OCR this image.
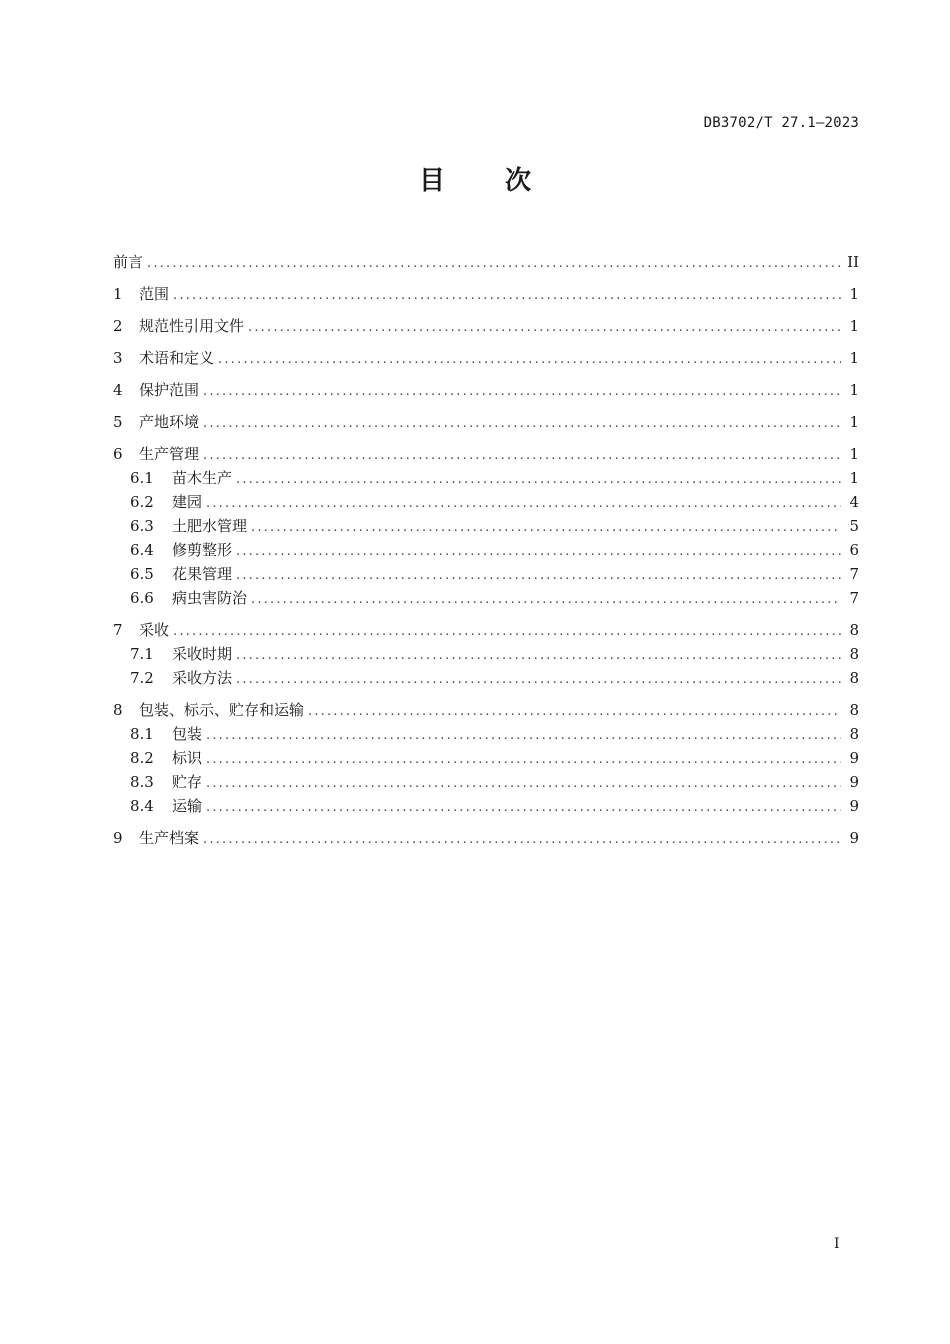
DB3702/T 27.1—2023
目 次
前言 .....	II
1	范围 .....	1
2	规范性引用文件 .....	1
3	术语和定义 .....	1
4	保护范围 .....	1
5	产地环境 .....	1
6	生产管理 .....	1
6.1	苗木生产 .....	1
6.2	建园 .....	4
6.3	土肥水管理 .....	5
6.4	修剪整形 .....	6
6.5	花果管理 .....	7
6.6	病虫害防治 .....	7
7	采收 .....	8
7.1	采收时期 .....	8
7.2	采收方法 .....	8
8	包装、标示、贮存和运输 .....	8
8.1	包装 .....	8
8.2	标识 .....	9
8.3	贮存 .....	9
8.4	运输 .....	9
9	生产档案 .....	9
I
